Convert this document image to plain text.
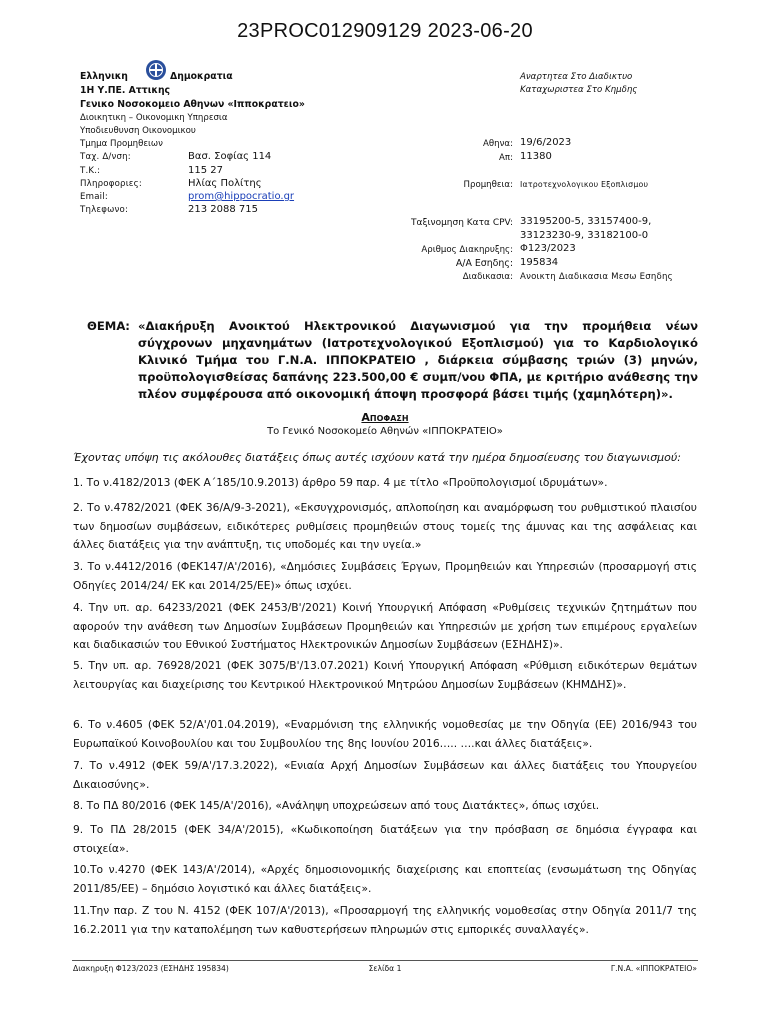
23PROC012909129 2023-06-20
Ελληνικη	Δημοκρατια
1Η Υ.ΠΕ. Αττικης
Γενικο Νοσοκομειο Αθηνων «Ιπποκρατειο»
Διοικητικη – Οικονομικη Υπηρεσια
Υποδιευθυνση Οικονομικου
Τμημα Προμηθειων
Ταχ. Δ/νση:	Βασ. Σοφίας 114
Τ.Κ.:	115 27
Πληροφοριες:	Ηλίας Πολίτης
Email:	prom@hippocratio.gr
Τηλεφωνο:	213 2088 715
Αναρτητεα Στο Διαδικτυο
Καταχωριστεα Στο Κημδης
Αθηνα: 19/6/2023
Απ: 11380
Προμηθεια: Ιατροτεχνολογικου Εξοπλισμου
Ταξινομηση Κατα CPV: 33195200-5, 33157400-9,
33123230-9, 33182100-0
Αριθμος Διακηρυξης: Φ123/2023
Α/Α Εσηδης: 195834
Διαδικασια: Ανοικτη Διαδικασια Μεσω Εσηδης
ΘΕΜΑ: «Διακήρυξη Ανοικτού Ηλεκτρονικού Διαγωνισμού για την προμήθεια νέων σύγχρονων μηχανημάτων (Ιατροτεχνολογικού Εξοπλισμού) για το Καρδιολογικό Κλινικό Τμήμα του Γ.Ν.Α. ΙΠΠΟΚΡΑΤΕΙΟ , διάρκεια σύμβασης τριών (3) μηνών, προϋπολογισθείσας δαπάνης 223.500,00 € συμπ/νου ΦΠΑ, με κριτήριο ανάθεσης την πλέον συμφέρουσα από οικονομική άποψη προσφορά βάσει τιμής (χαμηλότερη)».
Αποφαση
Το Γενικό Νοσοκομείο Αθηνών «ΙΠΠΟΚΡΑΤΕΙΟ»
Έχοντας υπόψη τις ακόλουθες διατάξεις όπως αυτές ισχύουν κατά την ημέρα δημοσίευσης του διαγωνισμού:
1. Το ν.4182/2013 (ΦΕΚ Α΄185/10.9.2013) άρθρο 59 παρ. 4 με τίτλο «Προϋπολογισμοί ιδρυμάτων».
2. Το ν.4782/2021 (ΦΕΚ 36/Α/9-3-2021), «Εκσυγχρονισμός, απλοποίηση και αναμόρφωση του ρυθμιστικού πλαισίου των δημοσίων συμβάσεων, ειδικότερες ρυθμίσεις προμηθειών στους τομείς της άμυνας και της ασφάλειας και άλλες διατάξεις για την ανάπτυξη, τις υποδομές και την υγεία.»
3. Το ν.4412/2016 (ΦΕΚ147/Α'/2016), «Δημόσιες Συμβάσεις Έργων, Προμηθειών και Υπηρεσιών (προσαρμογή στις Οδηγίες 2014/24/ ΕΚ και 2014/25/ΕΕ)» όπως ισχύει.
4. Την υπ. αρ. 64233/2021 (ΦΕΚ 2453/Β'/2021) Κοινή Υπουργική Απόφαση «Ρυθμίσεις τεχνικών ζητημάτων που αφορούν την ανάθεση των Δημοσίων Συμβάσεων Προμηθειών και Υπηρεσιών με χρήση των επιμέρους εργαλείων και διαδικασιών του Εθνικού Συστήματος Ηλεκτρονικών Δημοσίων Συμβάσεων (ΕΣΗΔΗΣ)».
5. Την υπ. αρ. 76928/2021 (ΦΕΚ 3075/Β'/13.07.2021) Κοινή Υπουργική Απόφαση «Ρύθμιση ειδικότερων θεμάτων λειτουργίας και διαχείρισης του Κεντρικού Ηλεκτρονικού Μητρώου Δημοσίων Συμβάσεων (ΚΗΜΔΗΣ)».
6. Το ν.4605 (ΦΕΚ 52/Α'/01.04.2019), «Εναρμόνιση της ελληνικής νομοθεσίας με την Οδηγία (ΕΕ) 2016/943 του Ευρωπαϊκού Κοινοβουλίου και του Συμβουλίου της 8ης Ιουνίου 2016….. ….και άλλες διατάξεις».
7. Το ν.4912 (ΦΕΚ 59/Α'/17.3.2022), «Ενιαία Αρχή Δημοσίων Συμβάσεων και άλλες διατάξεις του Υπουργείου Δικαιοσύνης».
8. Το ΠΔ 80/2016 (ΦΕΚ 145/Α'/2016), «Ανάληψη υποχρεώσεων από τους Διατάκτες», όπως ισχύει.
9. Το ΠΔ 28/2015 (ΦΕΚ 34/Α'/2015), «Κωδικοποίηση διατάξεων για την πρόσβαση σε δημόσια έγγραφα και στοιχεία».
10.Το ν.4270 (ΦΕΚ 143/Α'/2014), «Αρχές δημοσιονομικής διαχείρισης και εποπτείας (ενσωμάτωση της Οδηγίας 2011/85/ΕΕ) – δημόσιο λογιστικό και άλλες διατάξεις».
11.Την παρ. Ζ του Ν. 4152 (ΦΕΚ 107/Α'/2013), «Προσαρμογή της ελληνικής νομοθεσίας στην Οδηγία 2011/7 της 16.2.2011 για την καταπολέμηση των καθυστερήσεων πληρωμών στις εμπορικές συναλλαγές».
Διακηρυξη Φ123/2023 (ΕΣΗΔΗΣ 195834)	Σελίδα 1	Γ.Ν.Α. «ΙΠΠΟΚΡΑΤΕΙΟ»
